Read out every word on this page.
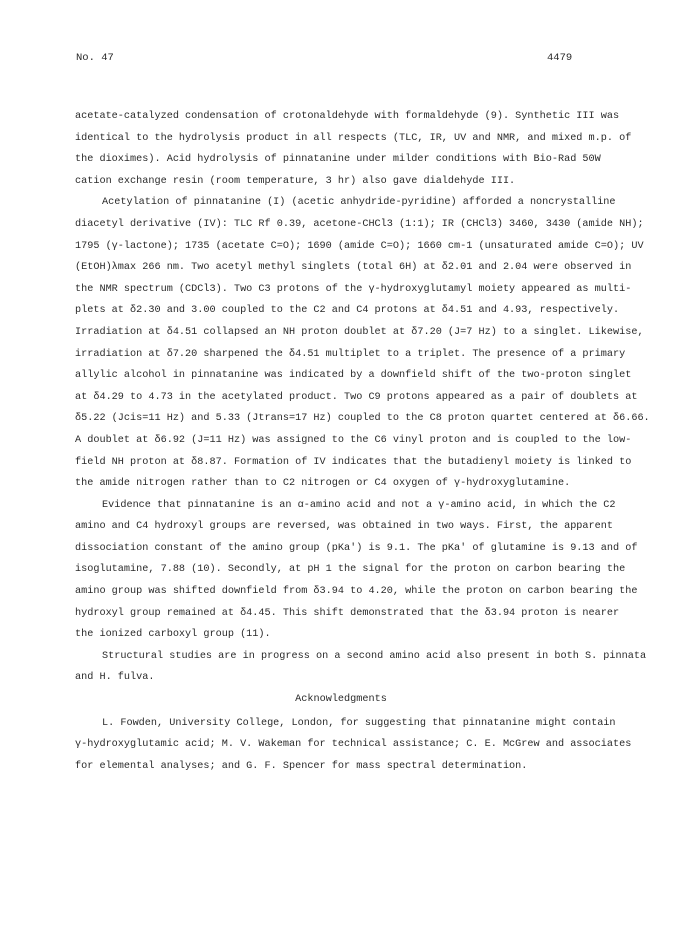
No. 47	4479
acetate-catalyzed condensation of crotonaldehyde with formaldehyde (9). Synthetic III was
identical to the hydrolysis product in all respects (TLC, IR, UV and NMR, and mixed m.p. of
the dioximes). Acid hydrolysis of pinnatanine under milder conditions with Bio-Rad 50W
cation exchange resin (room temperature, 3 hr) also gave dialdehyde III.
Acetylation of pinnatanine (I) (acetic anhydride-pyridine) afforded a noncrystalline
diacetyl derivative (IV): TLC Rf 0.39, acetone-CHCl3 (1:1); IR (CHCl3) 3460, 3430 (amide NH);
1795 (γ-lactone); 1735 (acetate C=O); 1690 (amide C=O); 1660 cm-1 (unsaturated amide C=O); UV
(EtOH)λmax 266 nm. Two acetyl methyl singlets (total 6H) at δ2.01 and 2.04 were observed in
the NMR spectrum (CDCl3). Two C3 protons of the γ-hydroxyglutamyl moiety appeared as multi-
plets at δ2.30 and 3.00 coupled to the C2 and C4 protons at δ4.51 and 4.93, respectively.
Irradiation at δ4.51 collapsed an NH proton doublet at δ7.20 (J=7 Hz) to a singlet. Likewise,
irradiation at δ7.20 sharpened the δ4.51 multiplet to a triplet. The presence of a primary
allylic alcohol in pinnatanine was indicated by a downfield shift of the two-proton singlet
at δ4.29 to 4.73 in the acetylated product. Two C9 protons appeared as a pair of doublets at
δ5.22 (Jcis=11 Hz) and 5.33 (Jtrans=17 Hz) coupled to the C8 proton quartet centered at δ6.66.
A doublet at δ6.92 (J=11 Hz) was assigned to the C6 vinyl proton and is coupled to the low-
field NH proton at δ8.87. Formation of IV indicates that the butadienyl moiety is linked to
the amide nitrogen rather than to C2 nitrogen or C4 oxygen of γ-hydroxyglutamine.
Evidence that pinnatanine is an α-amino acid and not a γ-amino acid, in which the C2
amino and C4 hydroxyl groups are reversed, was obtained in two ways. First, the apparent
dissociation constant of the amino group (pKa') is 9.1. The pKa' of glutamine is 9.13 and of
isoglutamine, 7.88 (10). Secondly, at pH 1 the signal for the proton on carbon bearing the
amino group was shifted downfield from δ3.94 to 4.20, while the proton on carbon bearing the
hydroxyl group remained at δ4.45. This shift demonstrated that the δ3.94 proton is nearer
the ionized carboxyl group (11).
Structural studies are in progress on a second amino acid also present in both S. pinnata
and H. fulva.
Acknowledgments
L. Fowden, University College, London, for suggesting that pinnatanine might contain
γ-hydroxyglutamic acid; M. V. Wakeman for technical assistance; C. E. McGrew and associates
for elemental analyses; and G. F. Spencer for mass spectral determination.
